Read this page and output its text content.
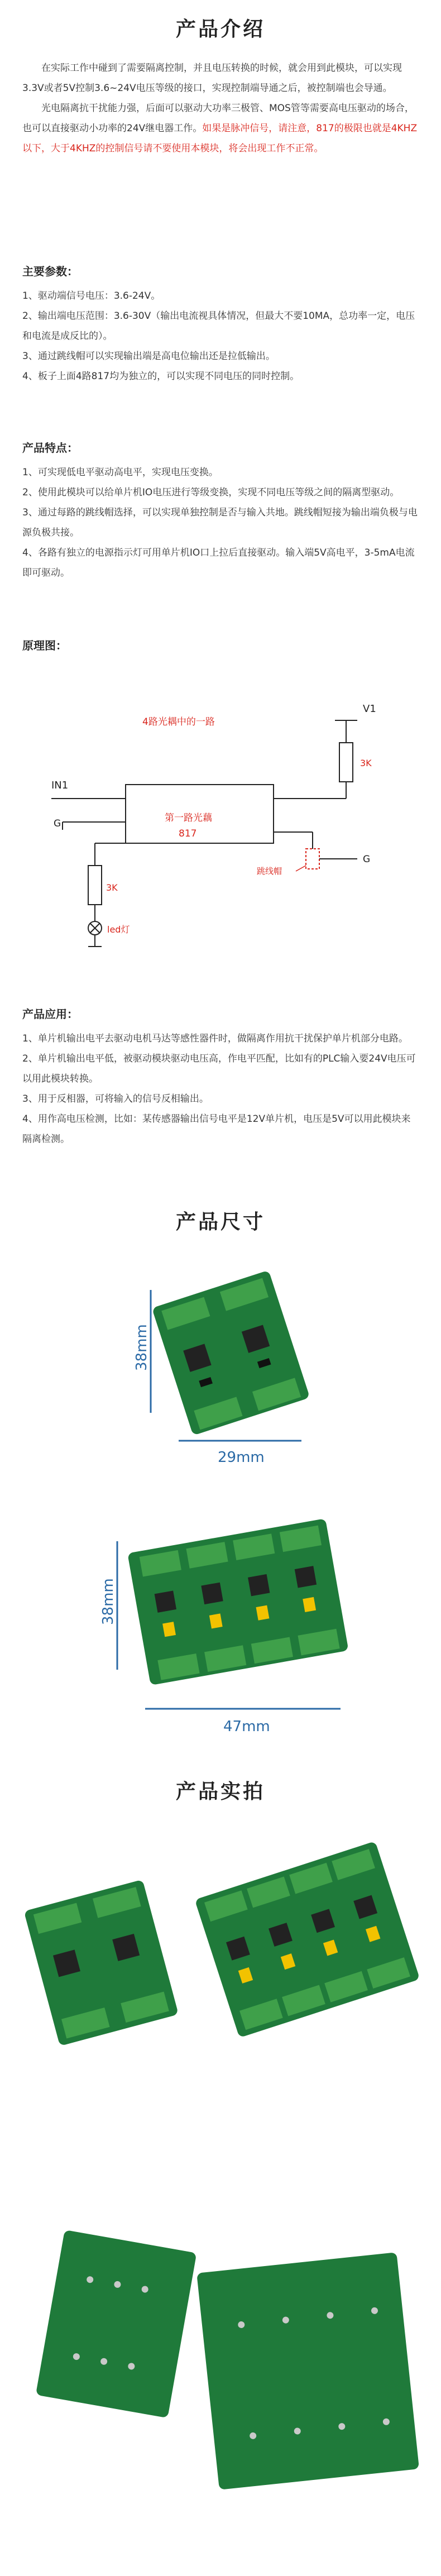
产品介绍

在实际工作中碰到了需要隔离控制，并且电压转换的时候，就会用到此模块，可以实现3.3V或者5V控制3.6~24V电压等级的接口，实现控制端导通之后，被控制端也会导通。

光电隔离抗干扰能力强，后面可以驱动大功率三极管、MOS管等需要高电压驱动的场合，也可以直接驱动小功率的24V继电器工作。如果是脉冲信号，请注意，817的极限也就是4KHZ以下，大于4KHZ的控制信号请不要使用本模块，将会出现工作不正常。

主要参数：

1、驱动端信号电压：3.6-24V。

2、输出端电压范围：3.6-30V（输出电流视具体情况，但最大不要10MA，总功率一定，电压和电流是成反比的）。

3、通过跳线帽可以实现输出端是高电位输出还是拉低输出。

4、板子上面4路817均为独立的，可以实现不同电压的同时控制。

产品特点：

1、可实现低电平驱动高电平，实现电压变换。

2、使用此模块可以给单片机IO电压进行等级变换，实现不同电压等级之间的隔离型驱动。

3、通过每路的跳线帽选择，可以实现单独控制是否与输入共地。跳线帽短接为输出端负极与电源负极共接。

4、各路有独立的电源指示灯可用单片机IO口上拉后直接驱动。输入端5V高电平，3-5mA电流即可驱动。

原理图：
4路光耦中的一路
第一路光藕
817
V1
3K
IN1
G
G
跳线帽
3K
led灯
产品应用：

1、单片机输出电平去驱动电机马达等感性器件时，做隔离作用抗干扰保护单片机部分电路。

2、单片机输出电平低，被驱动模块驱动电压高，作电平匹配，比如有的PLC输入要24V电压可以用此模块转换。

3、用于反相器，可将输入的信号反相输出。

4、用作高电压检测，比如：某传感器输出信号电平是12V单片机，电压是5V可以用此模块来隔离检测。

产品尺寸
38mm
29mm
38mm
47mm
产品实拍
